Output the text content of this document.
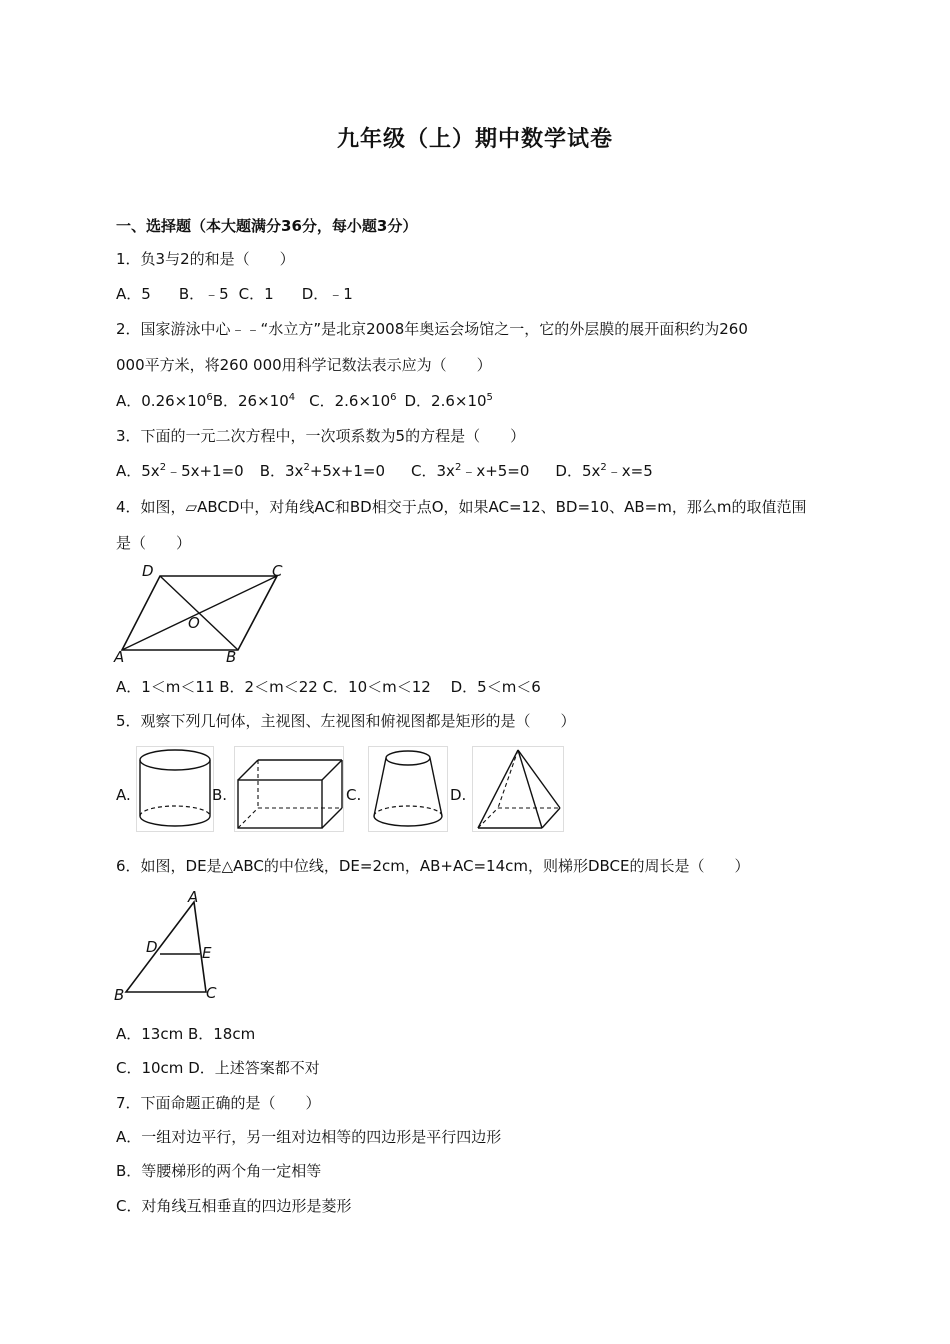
九年级（上）期中数学试卷
一、选择题（本大题满分36分，每小题3分）
1．负3与2的和是（　　）
A．5 B．﹣5 C．1 D．﹣1
2．国家游泳中心﹣﹣“水立方”是北京2008年奥运会场馆之一，它的外层膜的展开面积约为260
000平方米，将260 000用科学记数法表示应为（　　）
A．$0.26\times 10^6B$．$26\times 10^4$ C．$2.6\times 10^6$ D．$2.6\times 10^5$
3．下面的一元二次方程中，一次项系数为5的方程是（　　）
A．$5x^2﹣5x+1=0$ B．$3x^2+5x+1=0$ C．$3x^2﹣x+5=0$ D．$5x^2﹣x=5$
4．如图，▱ABCD中，对角线AC和BD相交于点O，如果AC=12、BD=10、AB=m，那么m的取值范围
是（　　）
D	C
O
A	B
A．1＜m＜11 B．2＜m＜22 C．10＜m＜12 　D．5＜m＜6
5．观察下列几何体，主视图、左视图和俯视图都是矩形的是（　　）
A.	B.	C.	D.
6．如图，DE是△ABC的中位线，DE=2cm，AB+AC=14cm，则梯形DBCE的周长是（　　）
A
D	E
B	C
A．13cm B．18cm
C．10cm D．上述答案都不对
7．下面命题正确的是（　　）
A．一组对边平行，另一组对边相等的四边形是平行四边形
B．等腰梯形的两个角一定相等
C．对角线互相垂直的四边形是菱形
